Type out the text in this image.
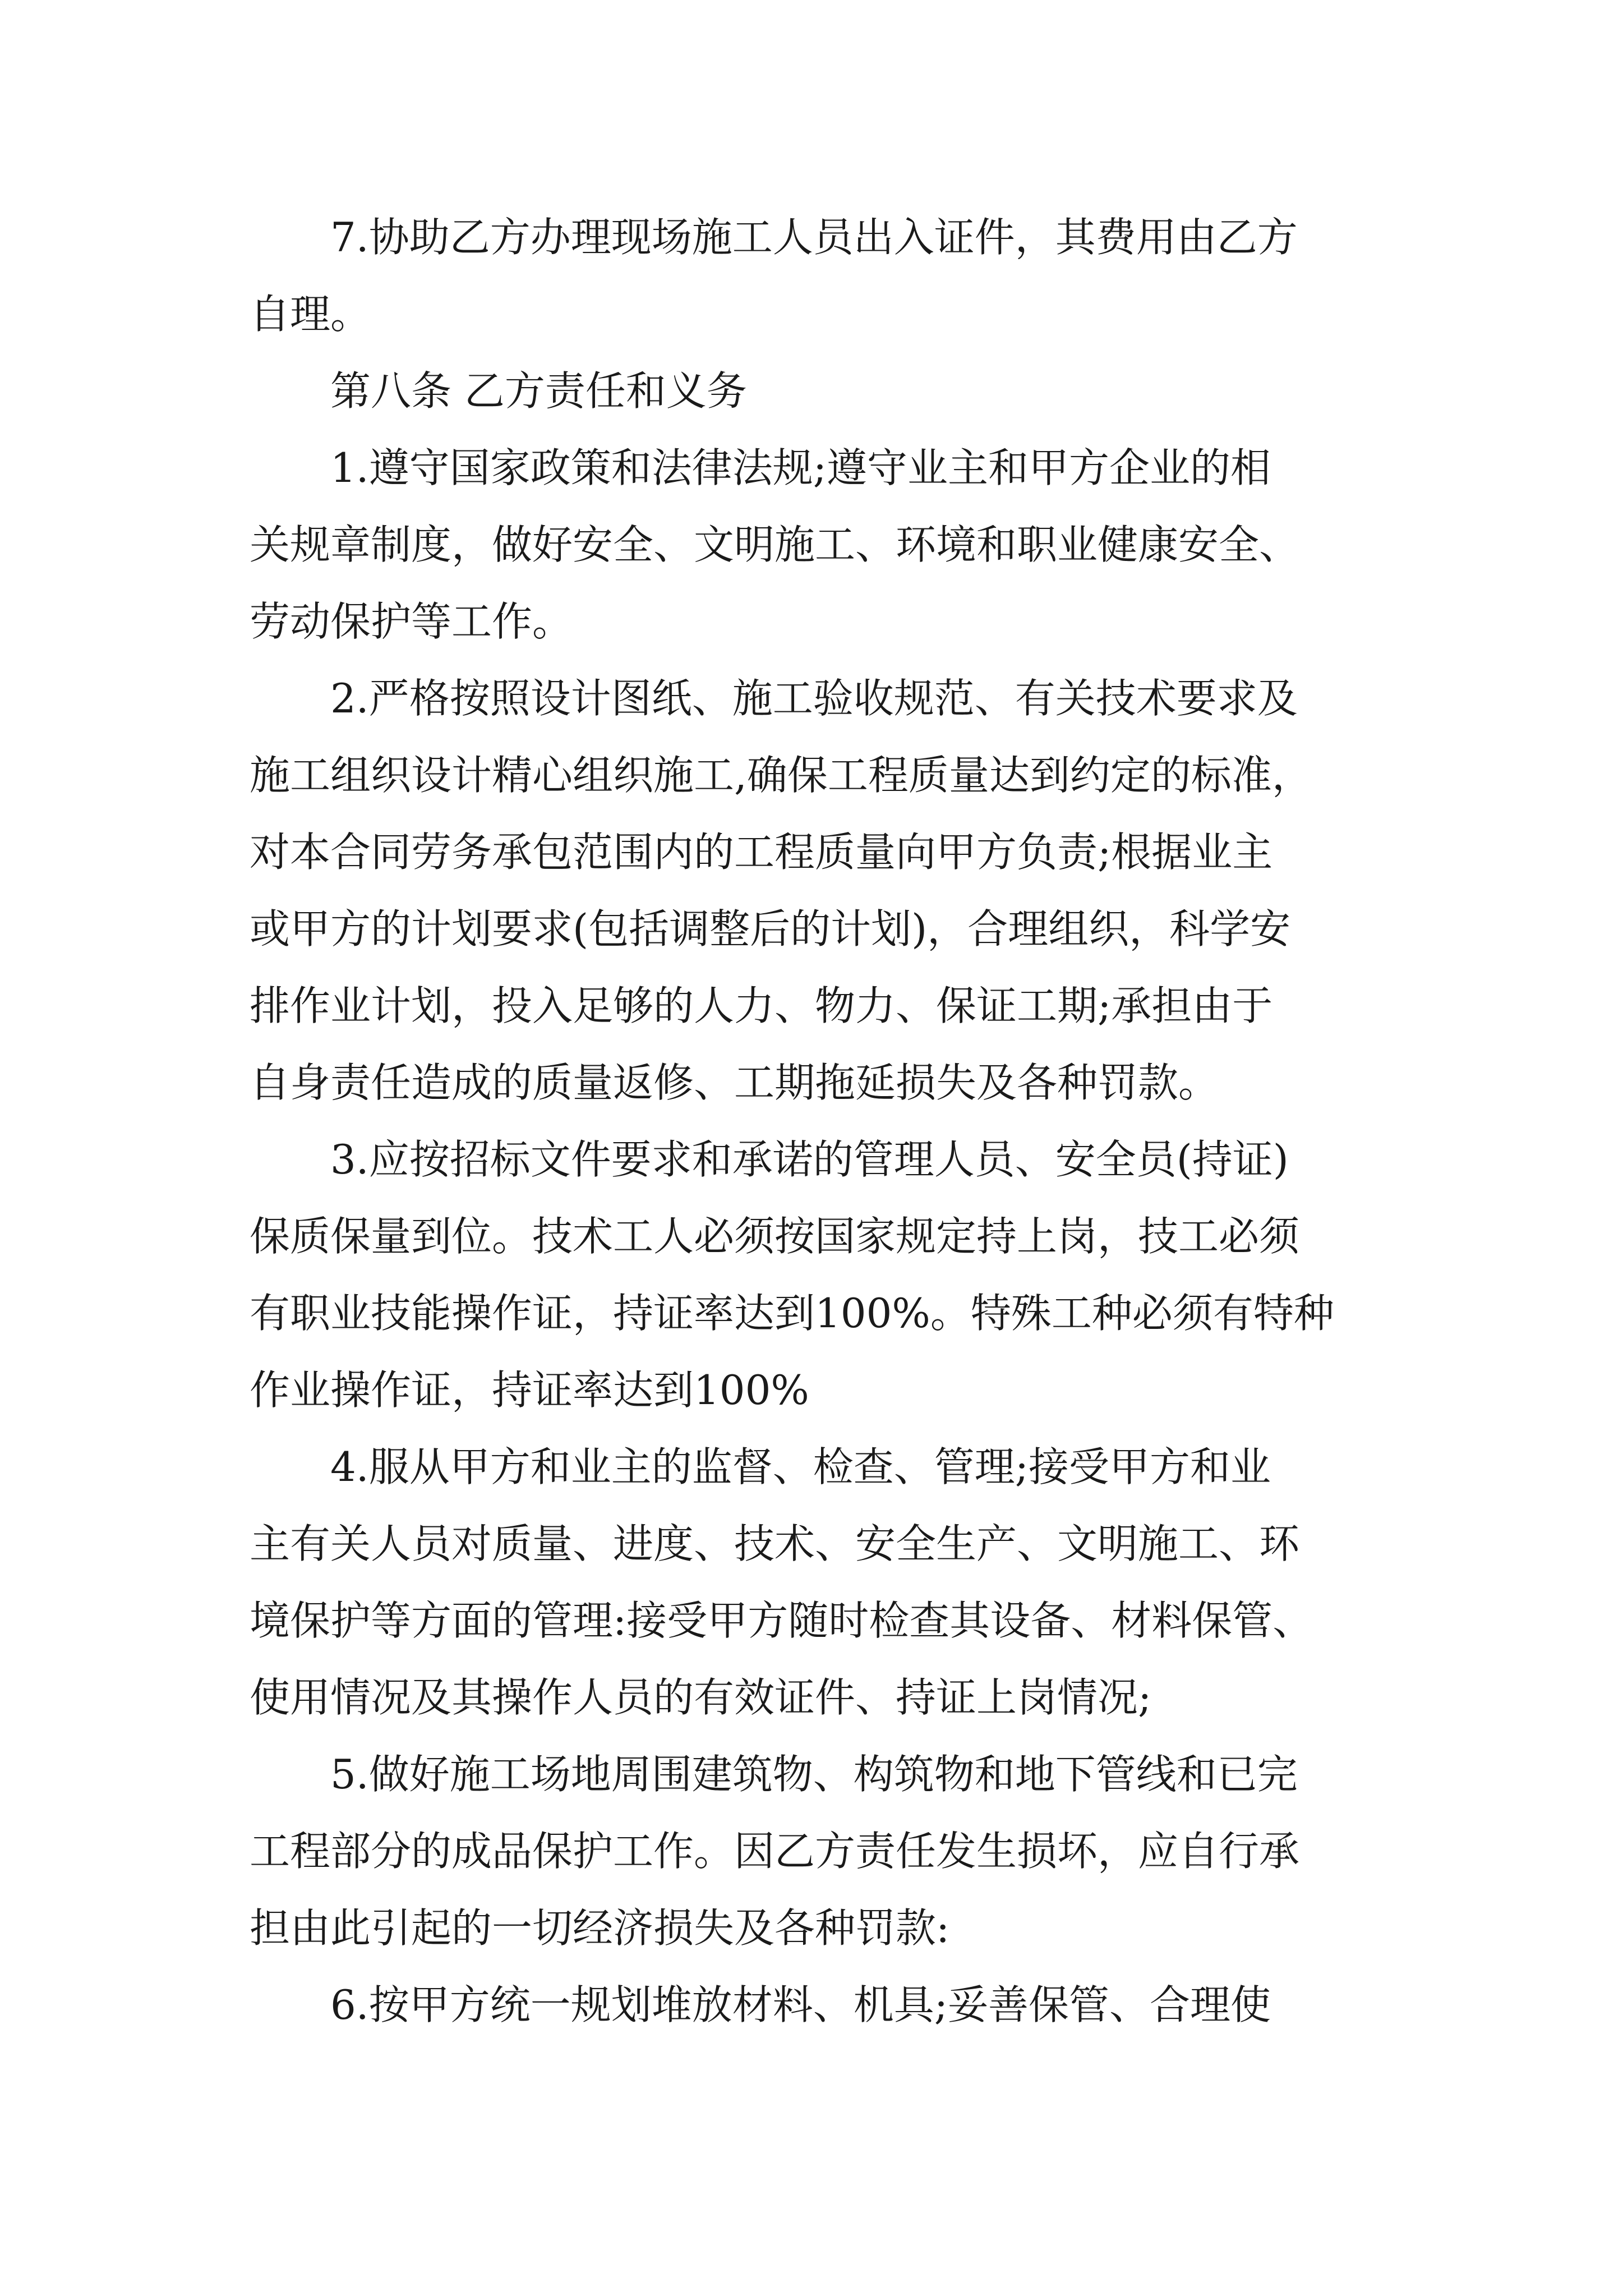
7.协助乙方办理现场施工人员出入证件，其费用由乙方
自理。
第八条 乙方责任和义务
1.遵守国家政策和法律法规;遵守业主和甲方企业的相
关规章制度，做好安全、文明施工、环境和职业健康安全、
劳动保护等工作。
2.严格按照设计图纸、施工验收规范、有关技术要求及
施工组织设计精心组织施工,确保工程质量达到约定的标准，
对本合同劳务承包范围内的工程质量向甲方负责;根据业主
或甲方的计划要求(包括调整后的计划)，合理组织，科学安
排作业计划，投入足够的人力、物力、保证工期;承担由于
自身责任造成的质量返修、工期拖延损失及各种罚款。
3.应按招标文件要求和承诺的管理人员、安全员(持证)
保质保量到位。技术工人必须按国家规定持上岗，技工必须
有职业技能操作证，持证率达到100%。特殊工种必须有特种
作业操作证，持证率达到100%
4.服从甲方和业主的监督、检查、管理;接受甲方和业
主有关人员对质量、进度、技术、安全生产、文明施工、环
境保护等方面的管理:接受甲方随时检查其设备、材料保管、
使用情况及其操作人员的有效证件、持证上岗情况;
5.做好施工场地周围建筑物、构筑物和地下管线和已完
工程部分的成品保护工作。因乙方责任发生损坏，应自行承
担由此引起的一切经济损失及各种罚款:
6.按甲方统一规划堆放材料、机具;妥善保管、合理使
